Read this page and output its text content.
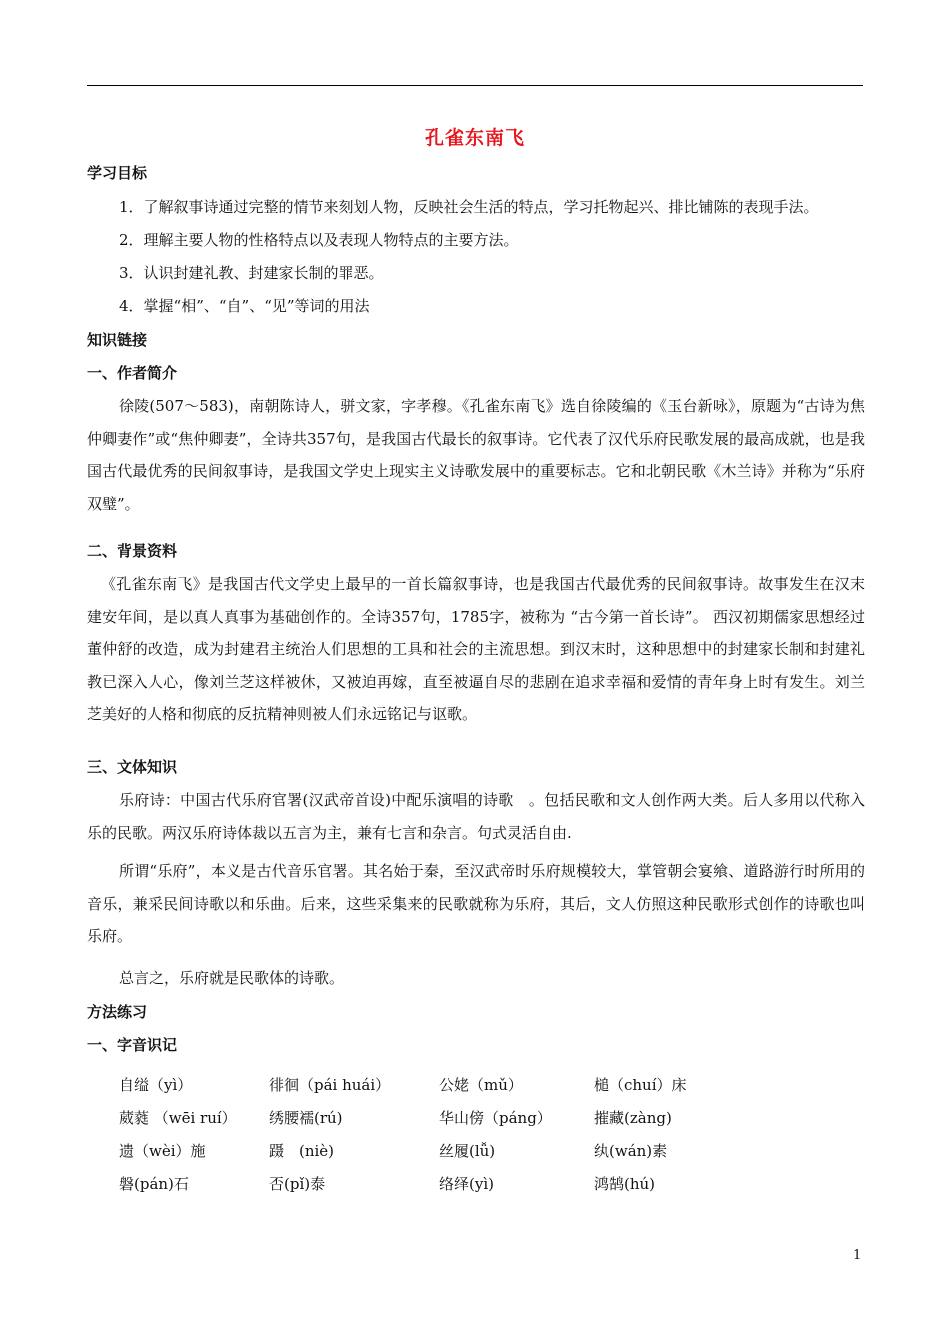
孔雀东南飞
学习目标
1．了解叙事诗通过完整的情节来刻划人物，反映社会生活的特点，学习托物起兴、排比铺陈的表现手法。
2．理解主要人物的性格特点以及表现人物特点的主要方法。
3．认识封建礼教、封建家长制的罪恶。
4．掌握“相”、“自”、“见”等词的用法
知识链接
一、作者简介
徐陵(507～583)，南朝陈诗人，骈文家，字孝穆。《孔雀东南飞》选自徐陵编的《玉台新咏》，原题为“古诗为焦仲卿妻作”或“焦仲卿妻”，全诗共357句，是我国古代最长的叙事诗。它代表了汉代乐府民歌发展的最高成就，也是我国古代最优秀的民间叙事诗，是我国文学史上现实主义诗歌发展中的重要标志。它和北朝民歌《木兰诗》并称为“乐府双璧”。
二、背景资料
《孔雀东南飞》是我国古代文学史上最早的一首长篇叙事诗，也是我国古代最优秀的民间叙事诗。故事发生在汉末建安年间，是以真人真事为基础创作的。全诗357句，1785字，被称为 “古今第一首长诗”。 西汉初期儒家思想经过董仲舒的改造，成为封建君主统治人们思想的工具和社会的主流思想。到汉末时，这种思想中的封建家长制和封建礼教已深入人心，像刘兰芝这样被休，又被迫再嫁，直至被逼自尽的悲剧在追求幸福和爱情的青年身上时有发生。刘兰芝美好的人格和彻底的反抗精神则被人们永远铭记与讴歌。
三、文体知识
乐府诗：中国古代乐府官署(汉武帝首设)中配乐演唱的诗歌　。包括民歌和文人创作两大类。后人多用以代称入乐的民歌。两汉乐府诗体裁以五言为主，兼有七言和杂言。句式灵活自由.
所谓“乐府”，本义是古代音乐官署。其名始于秦，至汉武帝时乐府规模较大，掌管朝会宴飨、道路游行时所用的音乐，兼采民间诗歌以和乐曲。后来，这些采集来的民歌就称为乐府，其后，文人仿照这种民歌形式创作的诗歌也叫乐府。
总言之，乐府就是民歌体的诗歌。
方法练习
一、字音识记
自缢（yì）	徘徊（pái huái）	公姥（mǔ）	槌（chuí）床
葳蕤 （wēi ruí）	绣腰襦(rú)	华山傍（páng）	摧藏(zàng)
遗（wèi）施	蹑　(niè)	丝履(lǚ)	纨(wán)素
磐(pán)石	否(pǐ)泰	络绎(yì)	鸿鹄(hú)
1
